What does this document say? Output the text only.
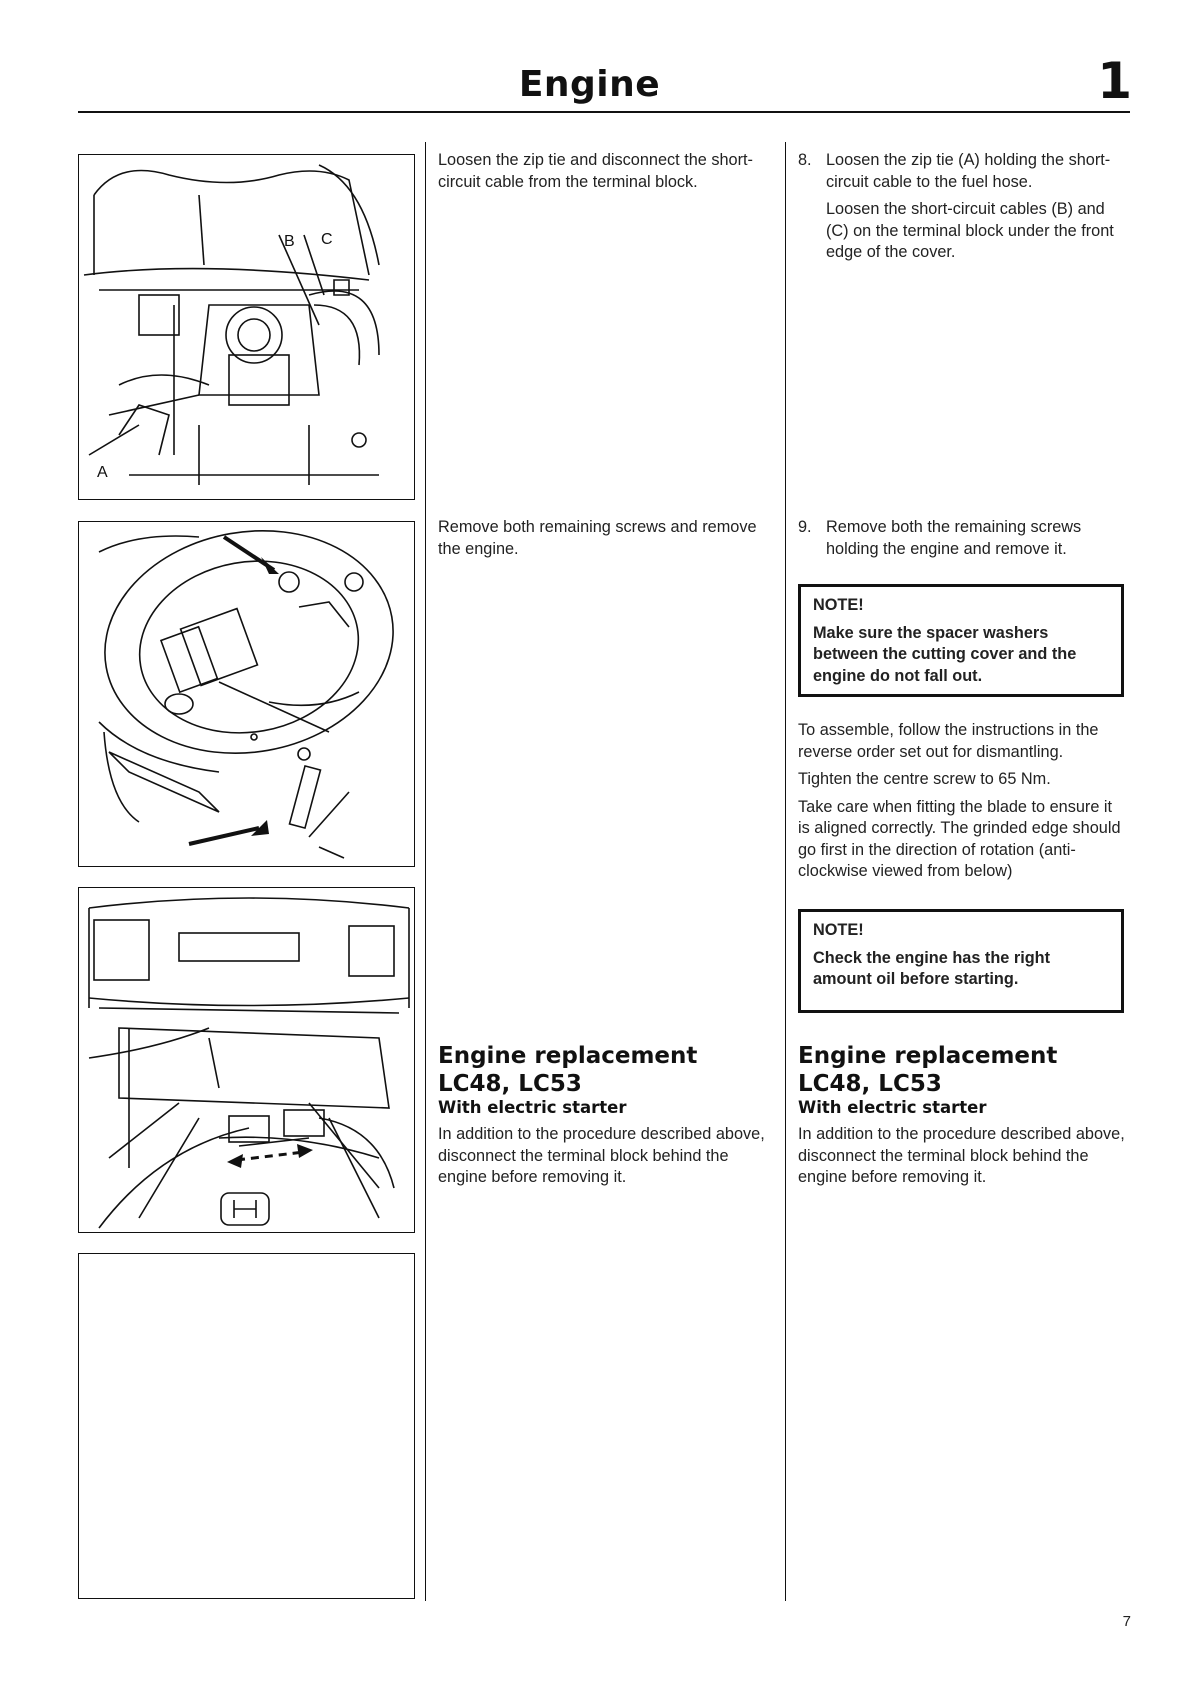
Engine	1
B C
A
Loosen the zip tie and disconnect the short-circuit cable from the terminal block.
Remove both remaining screws and remove the engine.
Engine replacement
LC48, LC53
With electric starter
In addition to the procedure described above, disconnect the terminal block behind the engine before removing it.
8. Loosen the zip tie (A) holding the short-circuit cable to the fuel hose.

Loosen the short-circuit cables (B) and (C) on the terminal block under the front edge of the cover.

9. Remove both the remaining screws holding the engine and remove it.

NOTE!
Make sure the spacer washers between the cutting cover and the engine do not fall out.

To assemble, follow the instructions in the reverse order set out for dismantling.

Tighten the centre screw to 65 Nm.

Take care when fitting the blade to ensure it is aligned correctly. The grinded edge should go first in the direction of rotation (anti-clockwise viewed from below)

NOTE!
Check the engine has the right amount oil before starting.
Engine replacement
LC48, LC53
With electric starter
In addition to the procedure described above, disconnect the terminal block behind the engine before removing it.
7
